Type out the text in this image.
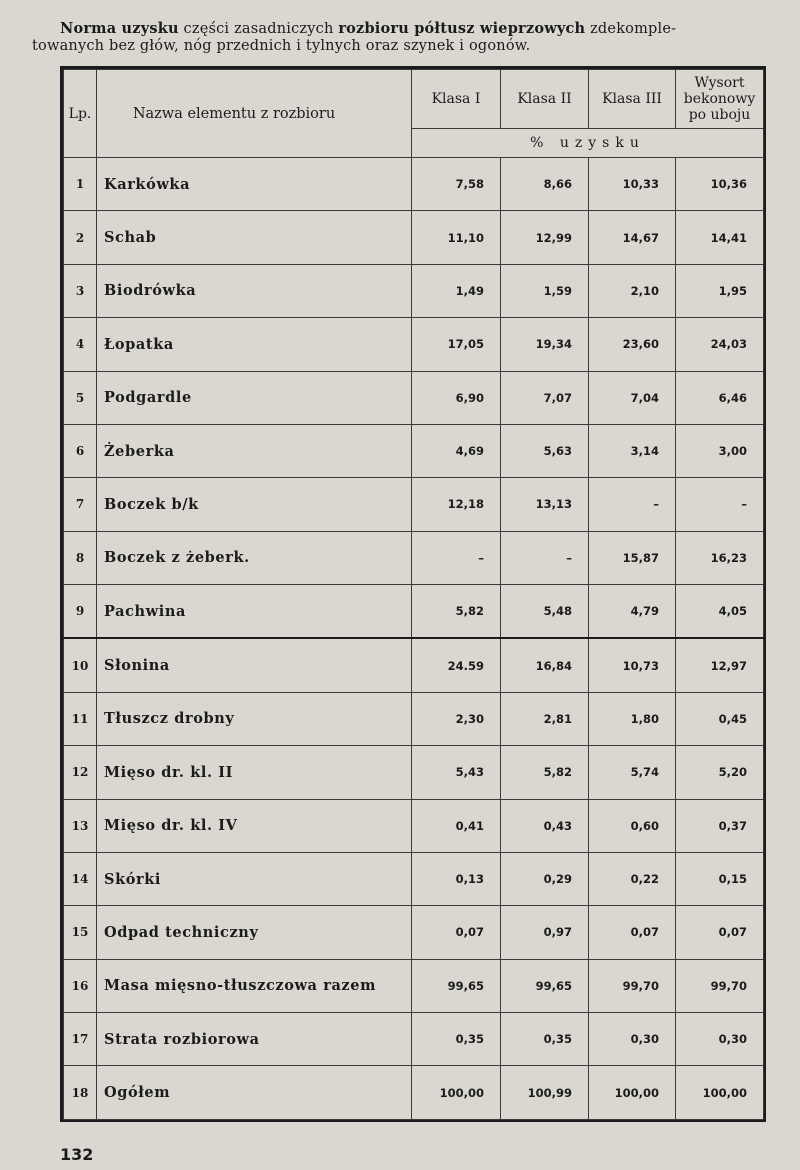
Norma uzysku części zasadniczych rozbioru półtusz wieprzowych zdekomple-
towanych bez głów, nóg przednich i tylnych oraz szynek i ogonów.
Lp.	Nazwa elementu z rozbioru	Klasa I	Klasa II	Klasa III	Wysort
bekonowy
po uboju

		% uzysku			
1	Karkówka	7,58	8,66	10,33	10,36
2	Schab	11,10	12,99	14,67	14,41
3	Biodrówka	1,49	1,59	2,10	1,95
4	Łopatka	17,05	19,34	23,60	24,03
5	Podgardle	6,90	7,07	7,04	6,46
6	Żeberka	4,69	5,63	3,14	3,00
7	Boczek b/k	12,18	13,13	–	–
8	Boczek z żeberk.	–	–	15,87	16,23
9	Pachwina	5,82	5,48	4,79	4,05
10	Słonina	24.59	16,84	10,73	12,97
11	Tłuszcz drobny	2,30	2,81	1,80	0,45
12	Mięso dr. kl. II	5,43	5,82	5,74	5,20
13	Mięso dr. kl. IV	0,41	0,43	0,60	0,37
14	Skórki	0,13	0,29	0,22	0,15
15	Odpad techniczny	0,07	0,97	0,07	0,07
16	Masa mięsno-tłuszczowa razem	99,65	99,65	99,70	99,70
17	Strata rozbiorowa	0,35	0,35	0,30	0,30
18	Ogółem	100,00	100,99	100,00	100,00
132
